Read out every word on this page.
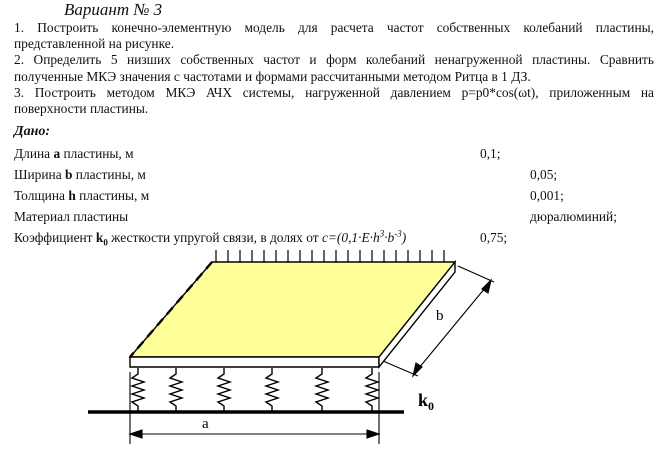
Вариант № 3

1. Построить конечно-элементную модель для расчета частот собственных колебаний пластины, представленной на рисунке.

2. Определить 5 низших собственных частот и форм колебаний ненагруженной пластины. Сравнить полученные МКЭ значения с частотами и формами рассчитанными методом Ритца в 1 ДЗ.

3. Построить методом МКЭ АЧХ системы, нагруженной давлением p=p0*cos(ωt), приложенным на поверхности пластины.

Дано:
Длина a пластины, м	0,1;
Ширина b пластины, м	0,05;
Толщина h пластины, м	0,001;
Материал пластины	дюралюминий;
Коэффициент $k_0$ жесткости упругой связи, в долях от $c=(0,1\cdot E\cdot h^3\cdot b^{-3})$	0,75;
a
b
$k_0$
